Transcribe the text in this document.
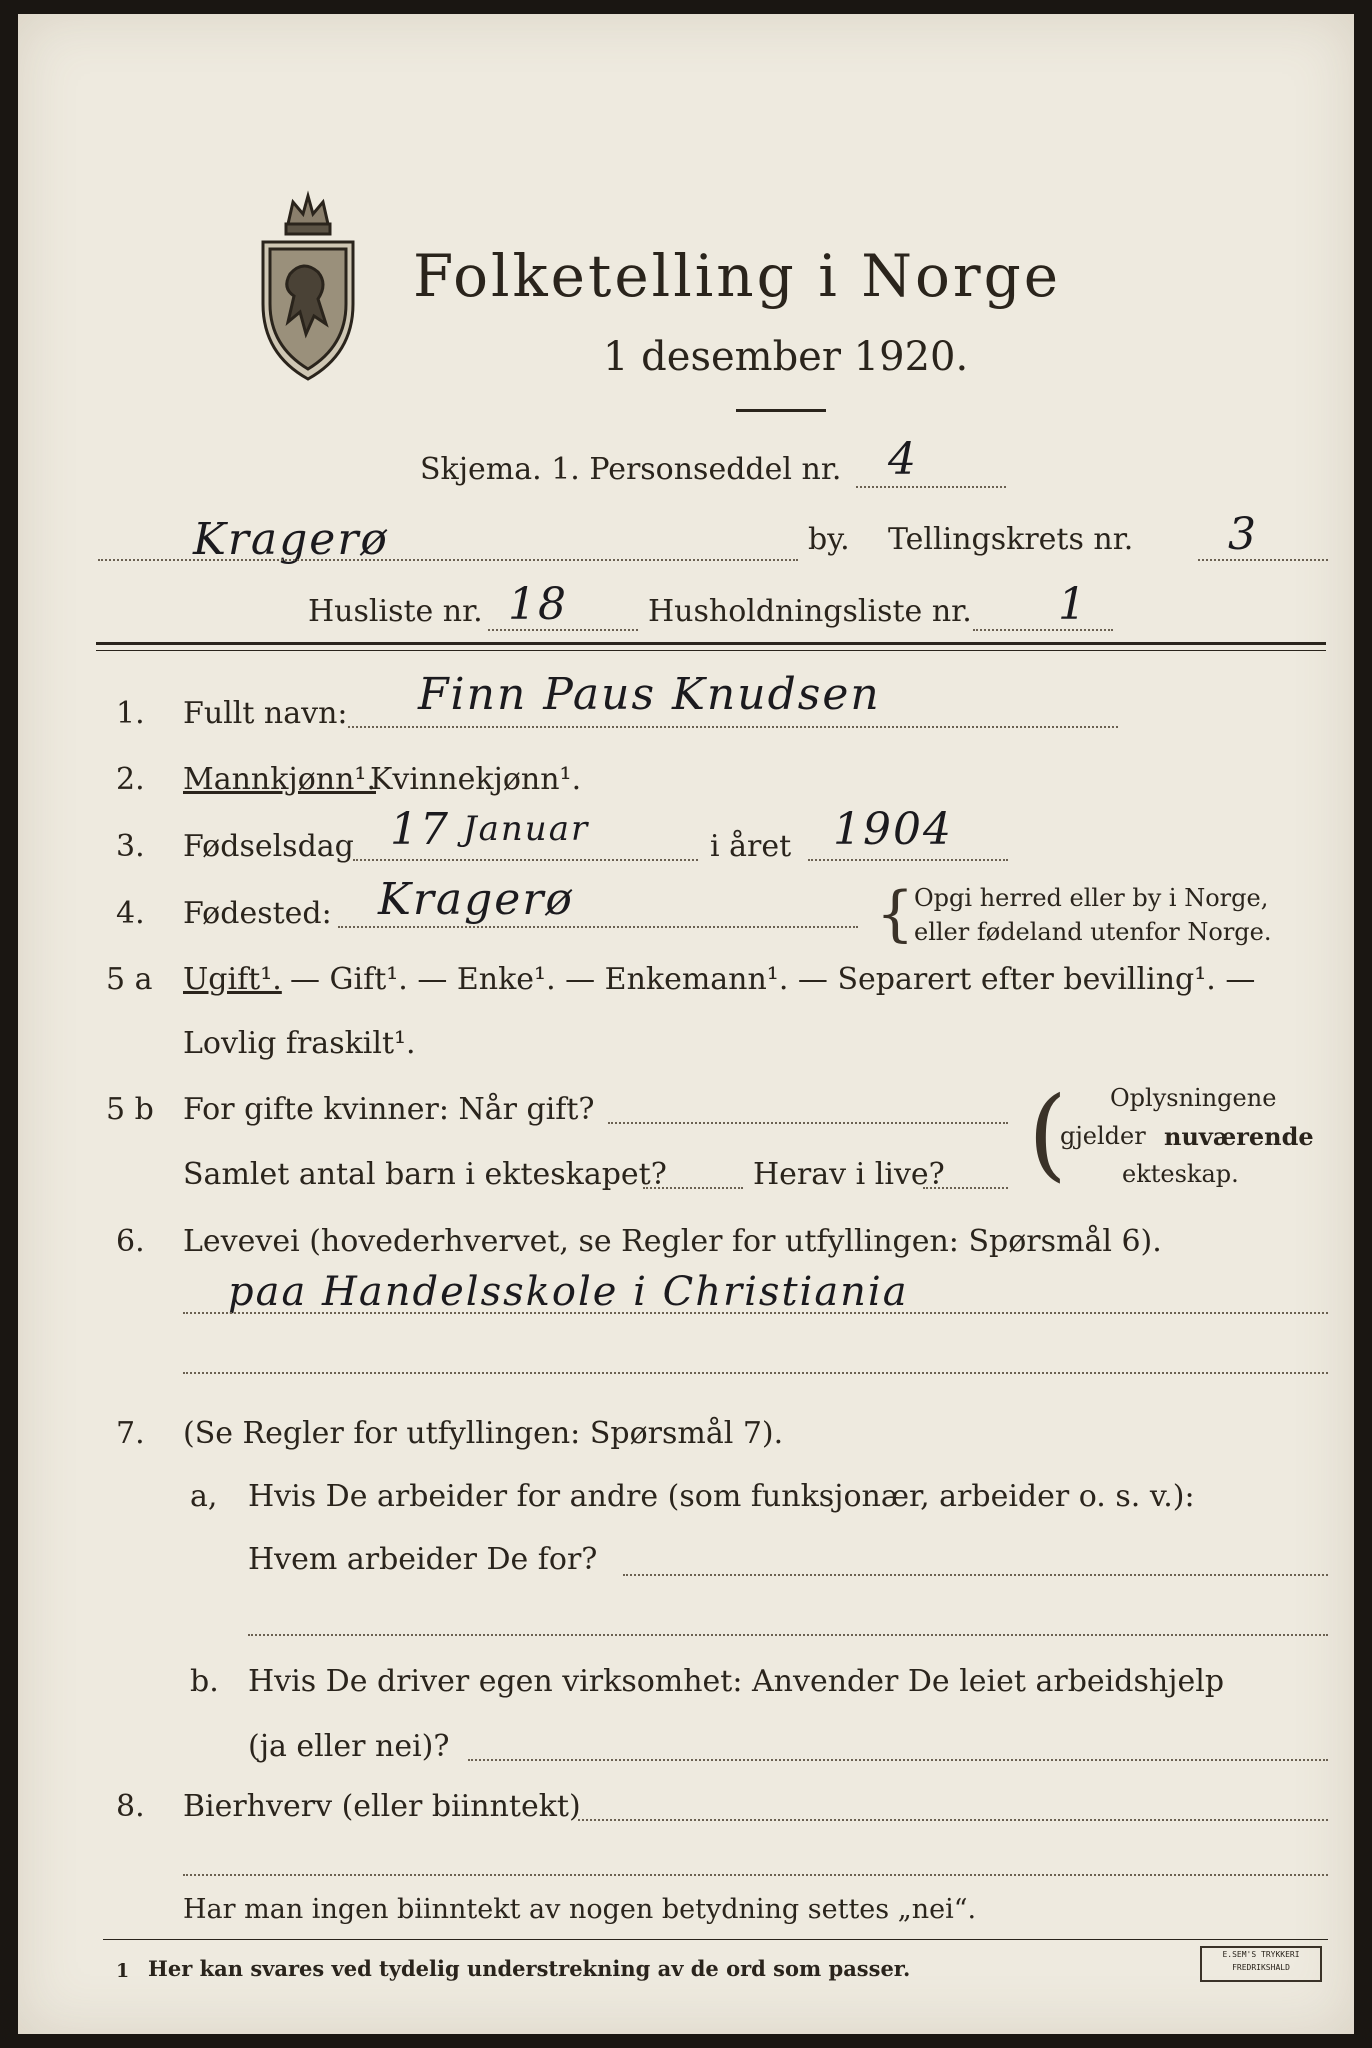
Folketelling i Norge
1 desember 1920.
Skjema. 1. Personseddel nr. 4
Kragerø	by. Tellingskrets nr. 3
Husliste nr. 18	Husholdningsliste nr. 1
1. Fullt navn: Finn Paus Knudsen
2. Mannkjønn¹.
Kvinnekjønn¹.
3. Fødselsdag 17 Januar	i året 1904
4. Fødested: Kragerø	{ Opgi herred eller by i Norge,
eller fødeland utenfor Norge.
5 a Ugift¹. — Gift¹. — Enke¹. — Enkemann¹. — Separert efter bevilling¹. —
Lovlig fraskilt¹.
5 b For gifte kvinner: Når gift?
Samlet antal barn i ekteskapet?	Herav i live? ( Oplysningene
gjelder nuværende
ekteskap.
6. Levevei (hovederhvervet, se Regler for utfyllingen: Spørsmål 6).
paa Handelsskole i Christiania
7. (Se Regler for utfyllingen: Spørsmål 7).
a, Hvis De arbeider for andre (som funksjonær, arbeider o. s. v.):
Hvem arbeider De for?
b. Hvis De driver egen virksomhet: Anvender De leiet arbeidshjelp
(ja eller nei)?
8. Bierhverv (eller biinntekt)
Har man ingen biinntekt av nogen betydning settes „nei“.
1 Her kan svares ved tydelig understrekning av de ord som passer.
E.SEM'S TRYKKERI
FREDRIKSHALD
